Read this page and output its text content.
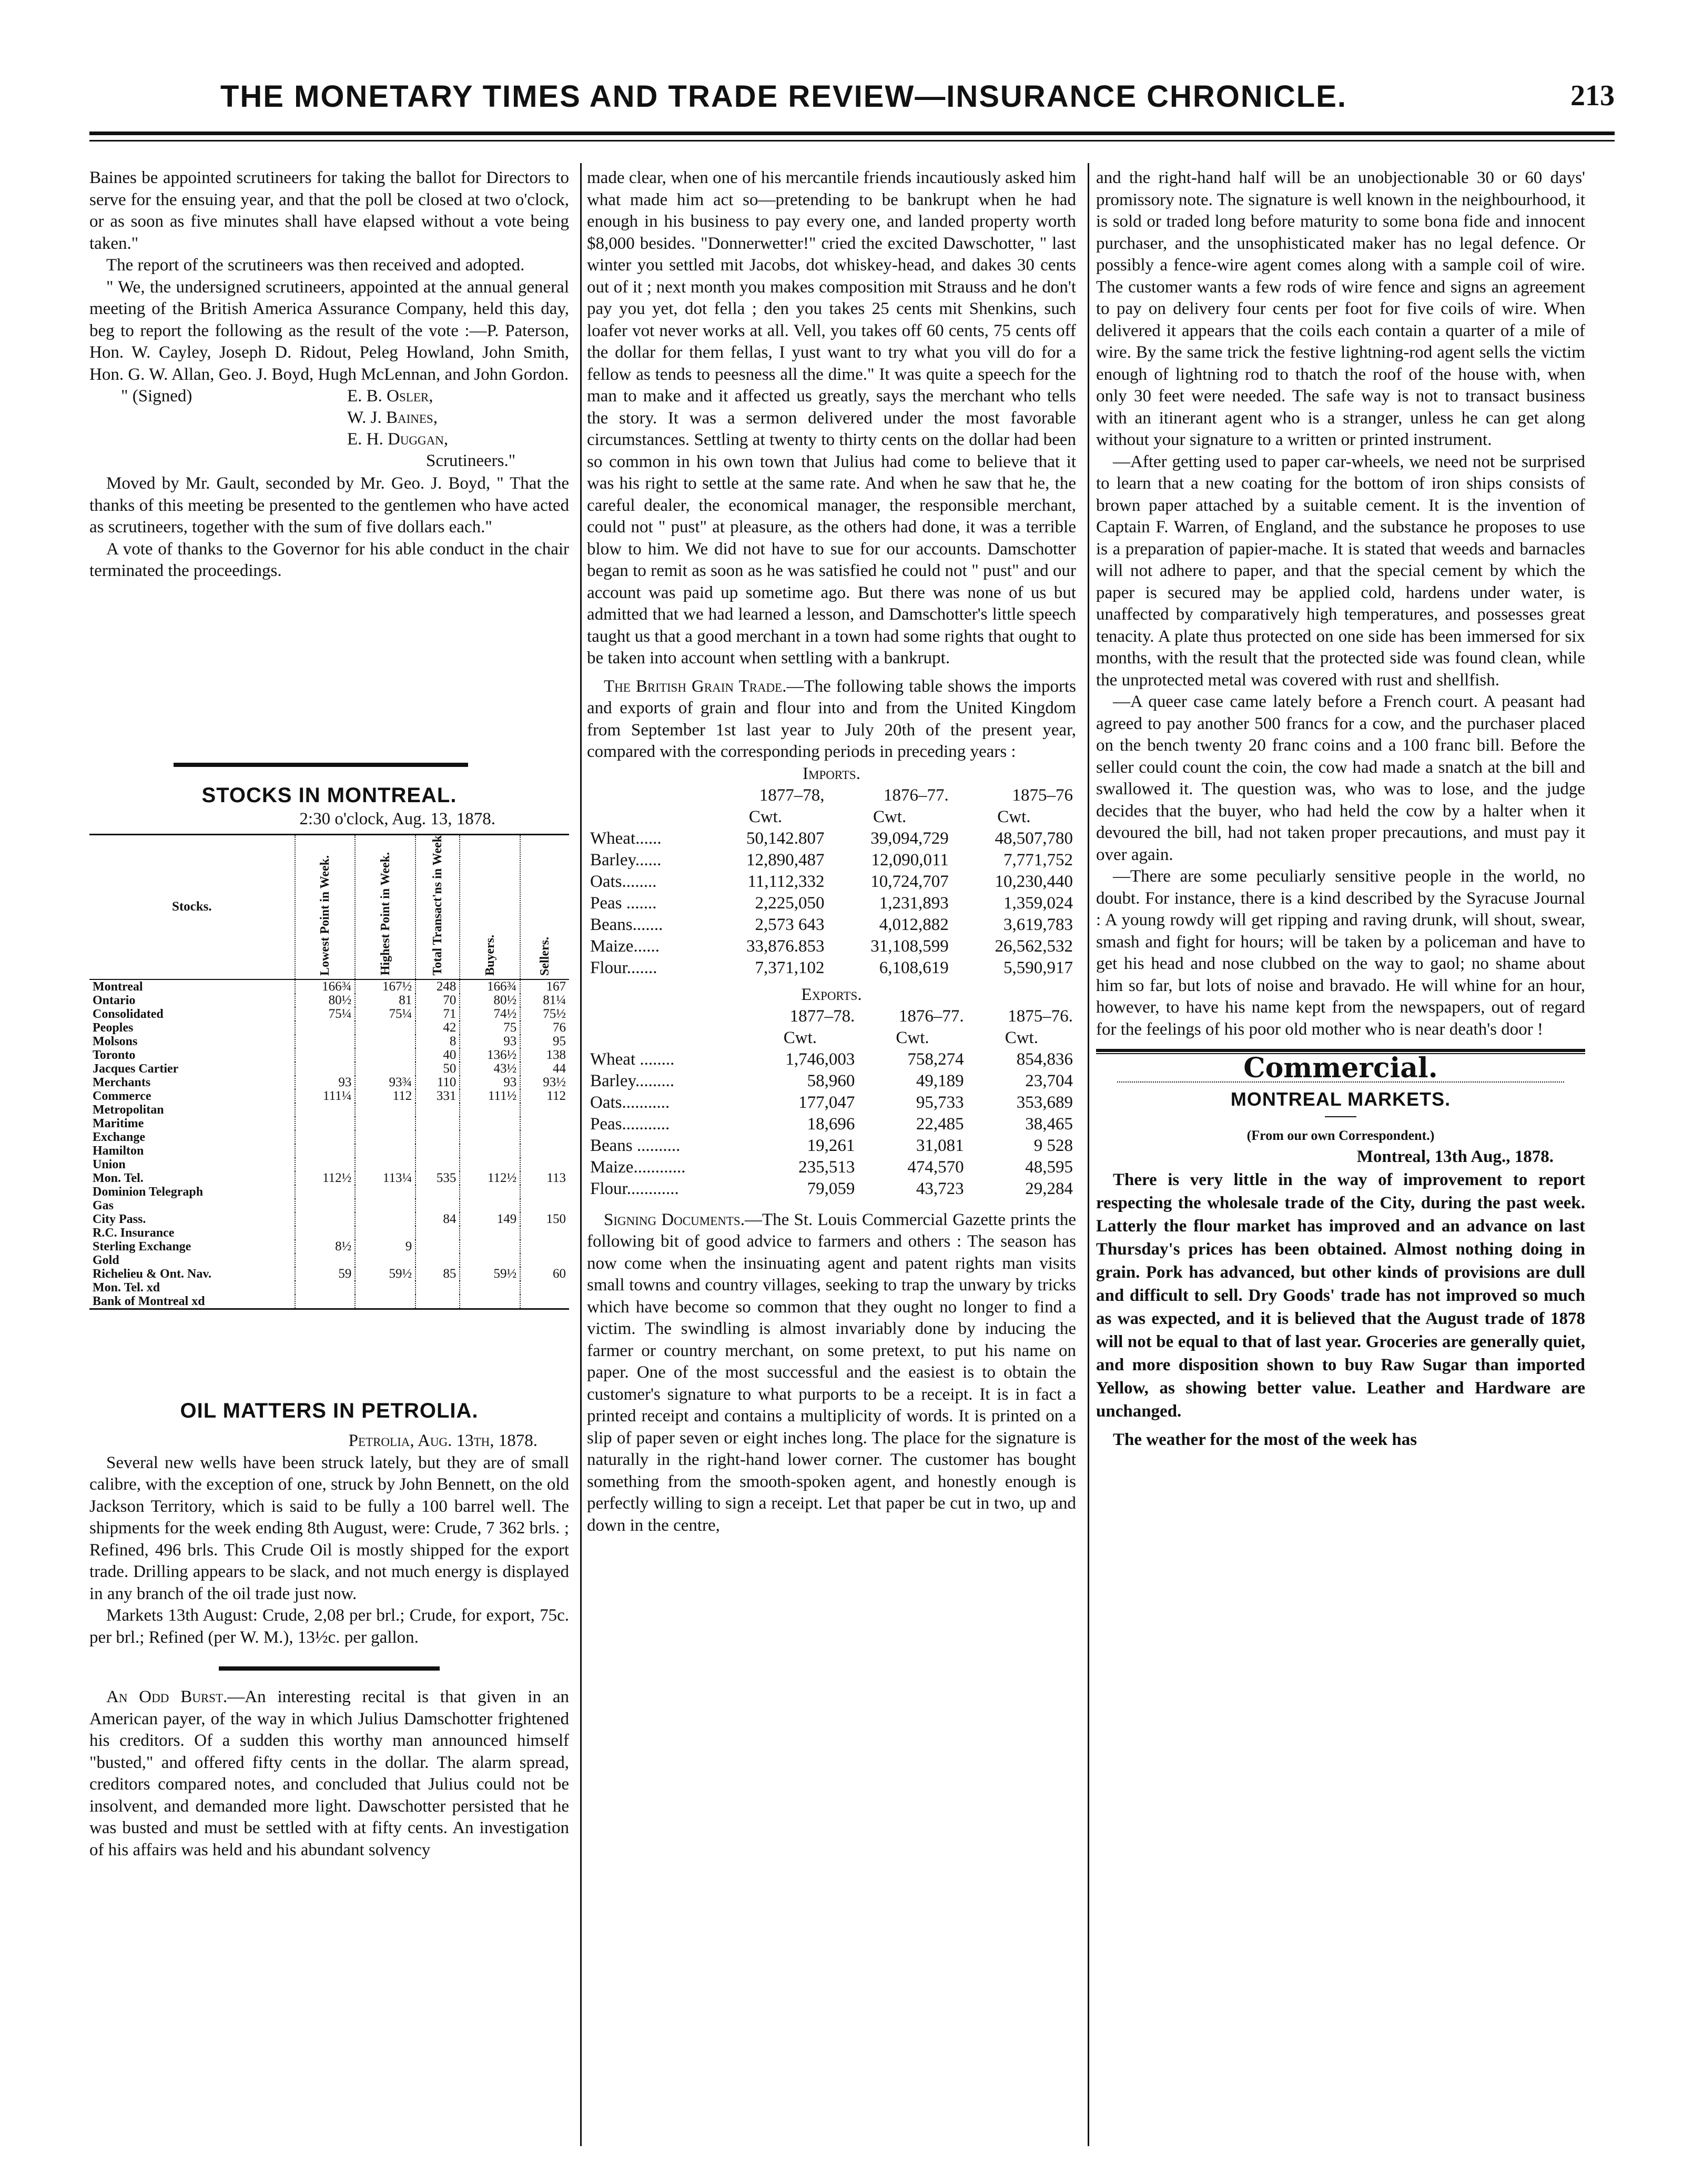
THE MONETARY TIMES AND TRADE REVIEW—INSURANCE CHRONICLE.	213

Baines be appointed scrutineers for taking the ballot for Directors to serve for the ensuing year, and that the poll be closed at two o'clock, or as soon as five minutes shall have elapsed without a vote being taken."

The report of the scrutineers was then received and adopted.

" We, the undersigned scrutineers, appointed at the annual general meeting of the British America Assurance Company, held this day, beg to report the following as the result of the vote :—P. Paterson, Hon. W. Cayley, Joseph D. Ridout, Peleg Howland, John Smith, Hon. G. W. Allan, Geo. J. Boyd, Hugh McLennan, and John Gordon.

" (Signed)	E. B. Osler,
W. J. Baines,
E. H. Duggan,
Scrutineers."

Moved by Mr. Gault, seconded by Mr. Geo. J. Boyd, " That the thanks of this meeting be presented to the gentlemen who have acted as scrutineers, together with the sum of five dollars each."

A vote of thanks to the Governor for his able conduct in the chair terminated the proceedings.

STOCKS IN MONTREAL.
2:30 o'clock, Aug. 13, 1878.
Stocks.	Lowest Point in Week.	Highest Point in Week.	Total Transact'ns in Week	Buyers.	Sellers.
Montreal	166¾	167½	248	166¾	167
Ontario	80½	81	70	80½	81¼
Consolidated	75¼	75¼	71	74½	75½
Peoples			42	75	76
Molsons			8	93	95
Toronto			40	136½	138
Jacques Cartier			50	43½	44
Merchants	93	93¾	110	93	93½
Commerce	111¼	112	331	111½	112
Metropolitan					
Maritime					
Exchange					
Hamilton					
Union					
Mon. Tel.	112½	113¼	535	112½	113
Dominion Telegraph					
Gas					
City Pass.			84	149	150
R.C. Insurance					
Sterling Exchange	8½	9			
Gold					
Richelieu & Ont. Nav.	59	59½	85	59½	60
Mon. Tel. xd					
Bank of Montreal xd					
OIL MATTERS IN PETROLIA.
Petrolia, Aug. 13th, 1878.

Several new wells have been struck lately, but they are of small calibre, with the exception of one, struck by John Bennett, on the old Jackson Territory, which is said to be fully a 100 barrel well. The shipments for the week ending 8th August, were: Crude, 7 362 brls. ; Refined, 496 brls. This Crude Oil is mostly shipped for the export trade. Drilling appears to be slack, and not much energy is displayed in any branch of the oil trade just now.

Markets 13th August: Crude, 2,08 per brl.; Crude, for export, 75c. per brl.; Refined (per W. M.), 13½c. per gallon.

An Odd Burst.—An interesting recital is that given in an American payer, of the way in which Julius Damschotter frightened his creditors. Of a sudden this worthy man announced himself "busted," and offered fifty cents in the dollar. The alarm spread, creditors compared notes, and concluded that Julius could not be insolvent, and demanded more light. Dawschotter persisted that he was busted and must be settled with at fifty cents. An investigation of his affairs was held and his abundant solvency

made clear, when one of his mercantile friends incautiously asked him what made him act so—pretending to be bankrupt when he had enough in his business to pay every one, and landed property worth $8,000 besides. "Donnerwetter!" cried the excited Dawschotter, " last winter you settled mit Jacobs, dot whiskey-head, and dakes 30 cents out of it ; next month you makes composition mit Strauss and he don't pay you yet, dot fella ; den you takes 25 cents mit Shenkins, such loafer vot never works at all. Vell, you takes off 60 cents, 75 cents off the dollar for them fellas, I yust want to try what you vill do for a fellow as tends to peesness all the dime." It was quite a speech for the man to make and it affected us greatly, says the merchant who tells the story. It was a sermon delivered under the most favorable circumstances. Settling at twenty to thirty cents on the dollar had been so common in his own town that Julius had come to believe that it was his right to settle at the same rate. And when he saw that he, the careful dealer, the economical manager, the responsible merchant, could not " pust" at pleasure, as the others had done, it was a terrible blow to him. We did not have to sue for our accounts. Damschotter began to remit as soon as he was satisfied he could not " pust" and our account was paid up sometime ago. But there was none of us but admitted that we had learned a lesson, and Damschotter's little speech taught us that a good merchant in a town had some rights that ought to be taken into account when settling with a bankrupt.

The British Grain Trade.—The following table shows the imports and exports of grain and flour into and from the United Kingdom from September 1st last year to July 20th of the present year, compared with the corresponding periods in preceding years :

Imports.
	1877–78,	1876–77.	1875–76
	Cwt.	Cwt.	Cwt.
Wheat......	50,142.807	39,094,729	48,507,780
Barley......	12,890,487	12,090,011	7,771,752
Oats........	11,112,332	10,724,707	10,230,440
Peas .......	2,225,050	1,231,893	1,359,024
Beans.......	2,573 643	4,012,882	3,619,783
Maize......	33,876.853	31,108,599	26,562,532
Flour.......	7,371,102	6,108,619	5,590,917
Exports.
	1877–78.	1876–77.	1875–76.
	Cwt.	Cwt.	Cwt.
Wheat ........	1,746,003	758,274	854,836
Barley.........	58,960	49,189	23,704
Oats...........	177,047	95,733	353,689
Peas...........	18,696	22,485	38,465
Beans ..........	19,261	31,081	9 528
Maize............	235,513	474,570	48,595
Flour............	79,059	43,723	29,284

Signing Documents.—The St. Louis Commercial Gazette prints the following bit of good advice to farmers and others : The season has now come when the insinuating agent and patent rights man visits small towns and country villages, seeking to trap the unwary by tricks which have become so common that they ought no longer to find a victim. The swindling is almost invariably done by inducing the farmer or country merchant, on some pretext, to put his name on paper. One of the most successful and the easiest is to obtain the customer's signature to what purports to be a receipt. It is in fact a printed receipt and contains a multiplicity of words. It is printed on a slip of paper seven or eight inches long. The place for the signature is naturally in the right-hand lower corner. The customer has bought something from the smooth-spoken agent, and honestly enough is perfectly willing to sign a receipt. Let that paper be cut in two, up and down in the centre,

and the right-hand half will be an unobjectionable 30 or 60 days' promissory note. The signature is well known in the neighbourhood, it is sold or traded long before maturity to some bona fide and innocent purchaser, and the unsophisticated maker has no legal defence. Or possibly a fence-wire agent comes along with a sample coil of wire. The customer wants a few rods of wire fence and signs an agreement to pay on delivery four cents per foot for five coils of wire. When delivered it appears that the coils each contain a quarter of a mile of wire. By the same trick the festive lightning-rod agent sells the victim enough of lightning rod to thatch the roof of the house with, when only 30 feet were needed. The safe way is not to transact business with an itinerant agent who is a stranger, unless he can get along without your signature to a written or printed instrument.

—After getting used to paper car-wheels, we need not be surprised to learn that a new coating for the bottom of iron ships consists of brown paper attached by a suitable cement. It is the invention of Captain F. Warren, of England, and the substance he proposes to use is a preparation of papier-mache. It is stated that weeds and barnacles will not adhere to paper, and that the special cement by which the paper is secured may be applied cold, hardens under water, is unaffected by comparatively high temperatures, and possesses great tenacity. A plate thus protected on one side has been immersed for six months, with the result that the protected side was found clean, while the unprotected metal was covered with rust and shellfish.

—A queer case came lately before a French court. A peasant had agreed to pay another 500 francs for a cow, and the purchaser placed on the bench twenty 20 franc coins and a 100 franc bill. Before the seller could count the coin, the cow had made a snatch at the bill and swallowed it. The question was, who was to lose, and the judge decides that the buyer, who had held the cow by a halter when it devoured the bill, had not taken proper precautions, and must pay it over again.

—There are some peculiarly sensitive people in the world, no doubt. For instance, there is a kind described by the Syracuse Journal : A young rowdy will get ripping and raving drunk, will shout, swear, smash and fight for hours; will be taken by a policeman and have to get his head and nose clubbed on the way to gaol; no shame about him so far, but lots of noise and bravado. He will whine for an hour, however, to have his name kept from the newspapers, out of regard for the feelings of his poor old mother who is near death's door !

Commercial.
MONTREAL MARKETS.
(From our own Correspondent.)
Montreal, 13th Aug., 1878.

There is very little in the way of improvement to report respecting the wholesale trade of the City, during the past week. Latterly the flour market has improved and an advance on last Thursday's prices has been obtained. Almost nothing doing in grain. Pork has advanced, but other kinds of provisions are dull and difficult to sell. Dry Goods' trade has not improved so much as was expected, and it is believed that the August trade of 1878 will not be equal to that of last year. Groceries are generally quiet, and more disposition shown to buy Raw Sugar than imported Yellow, as showing better value. Leather and Hardware are unchanged.

The weather for the most of the week has
